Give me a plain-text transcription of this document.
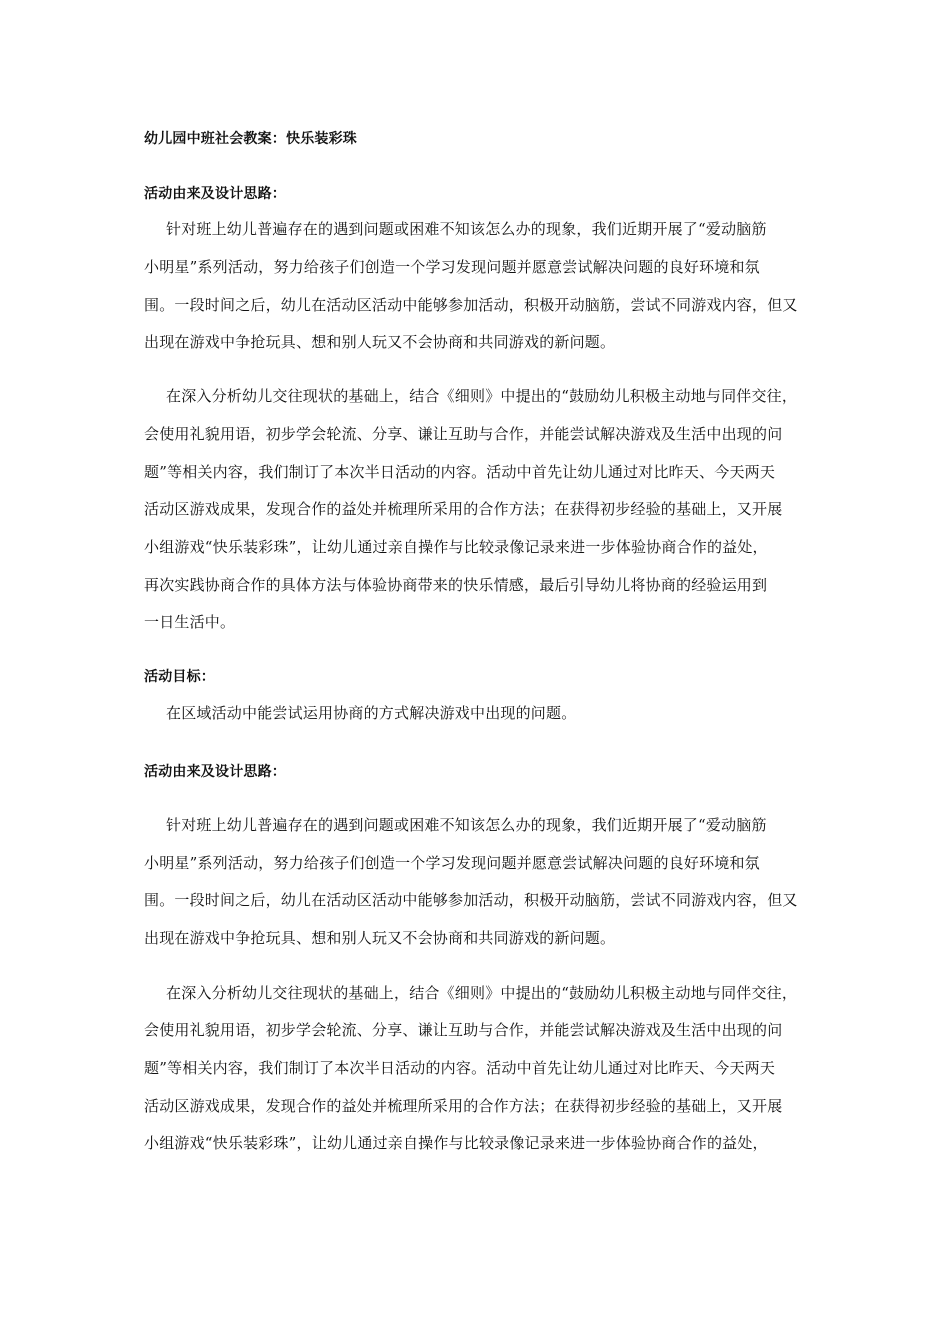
幼儿园中班社会教案：快乐装彩珠
活动由来及设计思路：
针对班上幼儿普遍存在的遇到问题或困难不知该怎么办的现象，我们近期开展了“爱动脑筋
小明星”系列活动，努力给孩子们创造一个学习发现问题并愿意尝试解决问题的良好环境和氛
围。一段时间之后，幼儿在活动区活动中能够参加活动，积极开动脑筋，尝试不同游戏内容，但又
出现在游戏中争抢玩具、想和别人玩又不会协商和共同游戏的新问题。
在深入分析幼儿交往现状的基础上，结合《细则》中提出的“鼓励幼儿积极主动地与同伴交往，
会使用礼貌用语，初步学会轮流、分享、谦让互助与合作，并能尝试解决游戏及生活中出现的问
题”等相关内容，我们制订了本次半日活动的内容。活动中首先让幼儿通过对比昨天、今天两天
活动区游戏成果，发现合作的益处并梳理所采用的合作方法；在获得初步经验的基础上，又开展
小组游戏“快乐装彩珠”，让幼儿通过亲自操作与比较录像记录来进一步体验协商合作的益处，
再次实践协商合作的具体方法与体验协商带来的快乐情感，最后引导幼儿将协商的经验运用到
一日生活中。
活动目标：
在区域活动中能尝试运用协商的方式解决游戏中出现的问题。
活动由来及设计思路：
针对班上幼儿普遍存在的遇到问题或困难不知该怎么办的现象，我们近期开展了“爱动脑筋
小明星”系列活动，努力给孩子们创造一个学习发现问题并愿意尝试解决问题的良好环境和氛
围。一段时间之后，幼儿在活动区活动中能够参加活动，积极开动脑筋，尝试不同游戏内容，但又
出现在游戏中争抢玩具、想和别人玩又不会协商和共同游戏的新问题。
在深入分析幼儿交往现状的基础上，结合《细则》中提出的“鼓励幼儿积极主动地与同伴交往，
会使用礼貌用语，初步学会轮流、分享、谦让互助与合作，并能尝试解决游戏及生活中出现的问
题”等相关内容，我们制订了本次半日活动的内容。活动中首先让幼儿通过对比昨天、今天两天
活动区游戏成果，发现合作的益处并梳理所采用的合作方法；在获得初步经验的基础上，又开展
小组游戏“快乐装彩珠”，让幼儿通过亲自操作与比较录像记录来进一步体验协商合作的益处，
